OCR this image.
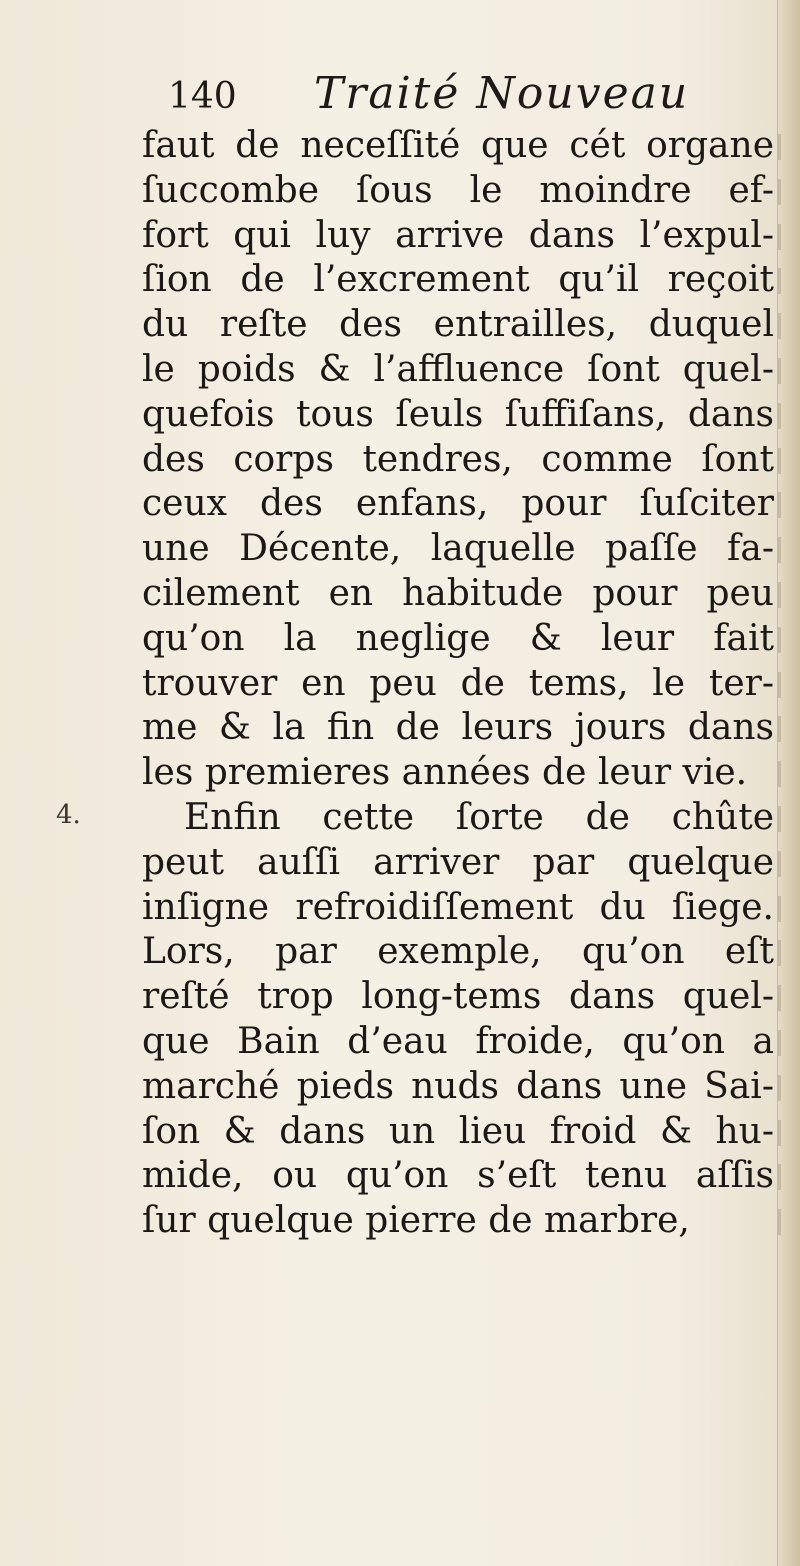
140 Traité Nouveau
4.
faut de neceſſité que cét organe
ſuccombe ſous le moindre ef-
fort qui luy arrive dans l’expul-
ſion de l’excrement qu’il reçoit
du reſte des entrailles, duquel
le poids & l’affluence ſont quel-
quefois tous ſeuls ſuffiſans, dans
des corps tendres, comme ſont
ceux des enfans, pour ſuſciter
une Décente, laquelle paſſe fa-
cilement en habitude pour peu
qu’on la neglige & leur fait
trouver en peu de tems, le ter-
me & la fin de leurs jours dans
les premieres années de leur vie.
Enfin cette ſorte de chûte
peut auſſi arriver par quelque
inſigne refroidiſſement du ſiege.
Lors, par exemple, qu’on eſt
reſté trop long-tems dans quel-
que Bain d’eau froide, qu’on a
marché pieds nuds dans une Sai-
ſon & dans un lieu froid & hu-
mide, ou qu’on s’eſt tenu aſſis
ſur quelque pierre de marbre,
